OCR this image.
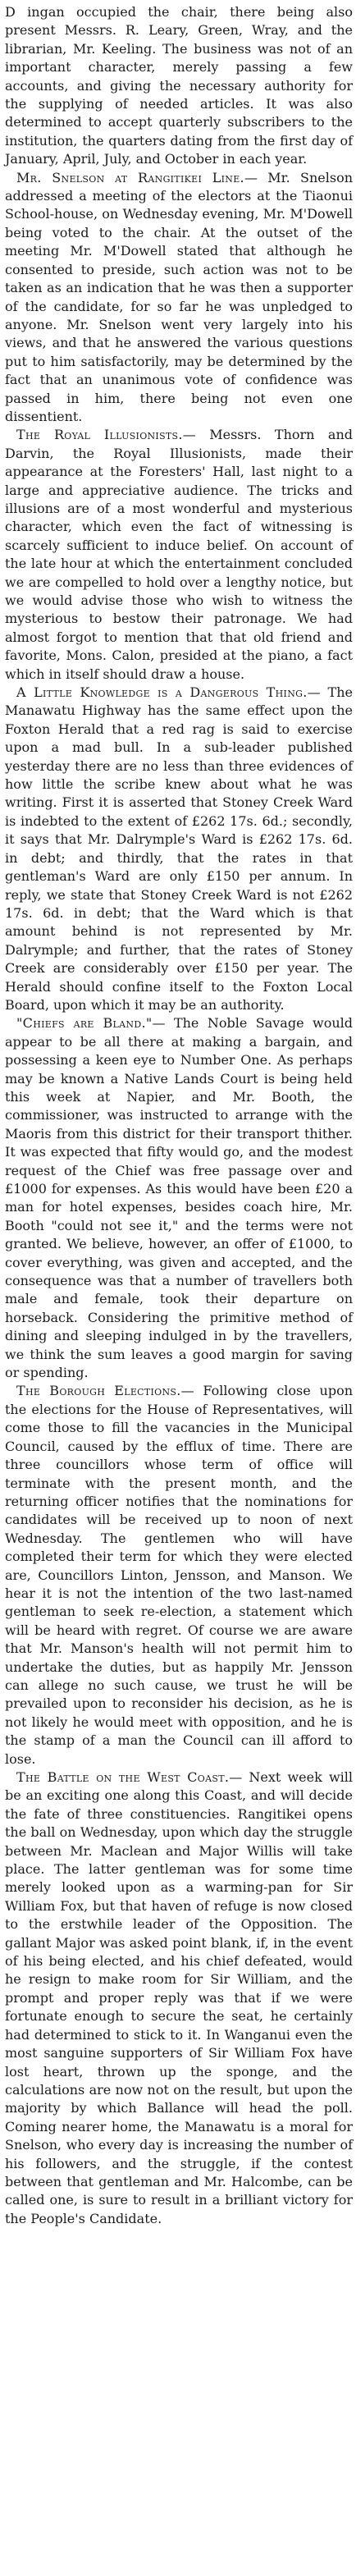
D ingan occupied the chair, there being also present Messrs. R. Leary, Green, Wray, and the librarian, Mr. Keeling. The business was not of an important character, merely passing a few accounts, and giving the necessary authority for the supplying of needed articles. It was also determined to accept quarterly subscribers to the institution, the quarters dating from the first day of January, April, July, and October in each year.

Mr. Snelson at Rangitikei Line.— Mr. Snelson addressed a meeting of the electors at the Tiaonui School-house, on Wednesday evening, Mr. M'Dowell being voted to the chair. At the outset of the meeting Mr. M'Dowell stated that although he consented to preside, such action was not to be taken as an indication that he was then a supporter of the candidate, for so far he was unpledged to anyone. Mr. Snelson went very largely into his views, and that he answered the various questions put to him satisfactorily, may be determined by the fact that an unanimous vote of confidence was passed in him, there being not even one dissentient.

The Royal Illusionists.— Messrs. Thorn and Darvin, the Royal Illusionists, made their appearance at the Foresters' Hall, last night to a large and appreciative audience. The tricks and illusions are of a most wonderful and mysterious character, which even the fact of witnessing is scarcely sufficient to induce belief. On account of the late hour at which the entertainment concluded we are compelled to hold over a lengthy notice, but we would advise those who wish to witness the mysterious to bestow their patronage. We had almost forgot to mention that that old friend and favorite, Mons. Calon, presided at the piano, a fact which in itself should draw a house.

A Little Knowledge is a Dangerous Thing.— The Manawatu Highway has the same effect upon the Foxton Herald that a red rag is said to exercise upon a mad bull. In a sub-leader published yesterday there are no less than three evidences of how little the scribe knew about what he was writing. First it is asserted that Stoney Creek Ward is indebted to the extent of £262 17s. 6d.; secondly, it says that Mr. Dalrymple's Ward is £262 17s. 6d. in debt; and thirdly, that the rates in that gentleman's Ward are only £150 per annum. In reply, we state that Stoney Creek Ward is not £262 17s. 6d. in debt; that the Ward which is that amount behind is not represented by Mr. Dalrymple; and further, that the rates of Stoney Creek are considerably over £150 per year. The Herald should confine itself to the Foxton Local Board, upon which it may be an authority.

"Chiefs are Bland."— The Noble Savage would appear to be all there at making a bargain, and possessing a keen eye to Number One. As perhaps may be known a Native Lands Court is being held this week at Napier, and Mr. Booth, the commissioner, was instructed to arrange with the Maoris from this district for their transport thither. It was expected that fifty would go, and the modest request of the Chief was free passage over and £1000 for expenses. As this would have been £20 a man for hotel expenses, besides coach hire, Mr. Booth "could not see it," and the terms were not granted. We believe, however, an offer of £1000, to cover everything, was given and accepted, and the consequence was that a number of travellers both male and female, took their departure on horseback. Considering the primitive method of dining and sleeping indulged in by the travellers, we think the sum leaves a good margin for saving or spending.

The Borough Elections.— Following close upon the elections for the House of Representatives, will come those to fill the vacancies in the Municipal Council, caused by the efflux of time. There are three councillors whose term of office will terminate with the present month, and the returning officer notifies that the nominations for candidates will be received up to noon of next Wednesday. The gentlemen who will have completed their term for which they were elected are, Councillors Linton, Jensson, and Manson. We hear it is not the intention of the two last-named gentleman to seek re-election, a statement which will be heard with regret. Of course we are aware that Mr. Manson's health will not permit him to undertake the duties, but as happily Mr. Jensson can allege no such cause, we trust he will be prevailed upon to reconsider his decision, as he is not likely he would meet with opposition, and he is the stamp of a man the Council can ill afford to lose.

The Battle on the West Coast.— Next week will be an exciting one along this Coast, and will decide the fate of three constituencies. Rangitikei opens the ball on Wednesday, upon which day the struggle between Mr. Maclean and Major Willis will take place. The latter gentleman was for some time merely looked upon as a warming-pan for Sir William Fox, but that haven of refuge is now closed to the erstwhile leader of the Opposition. The gallant Major was asked point blank, if, in the event of his being elected, and his chief defeated, would he resign to make room for Sir William, and the prompt and proper reply was that if we were fortunate enough to secure the seat, he certainly had determined to stick to it. In Wanganui even the most sanguine supporters of Sir William Fox have lost heart, thrown up the sponge, and the calculations are now not on the result, but upon the majority by which Ballance will head the poll. Coming nearer home, the Manawatu is a moral for Snelson, who every day is increasing the number of his followers, and the struggle, if the contest between that gentleman and Mr. Halcombe, can be called one, is sure to result in a brilliant victory for the People's Candidate.
